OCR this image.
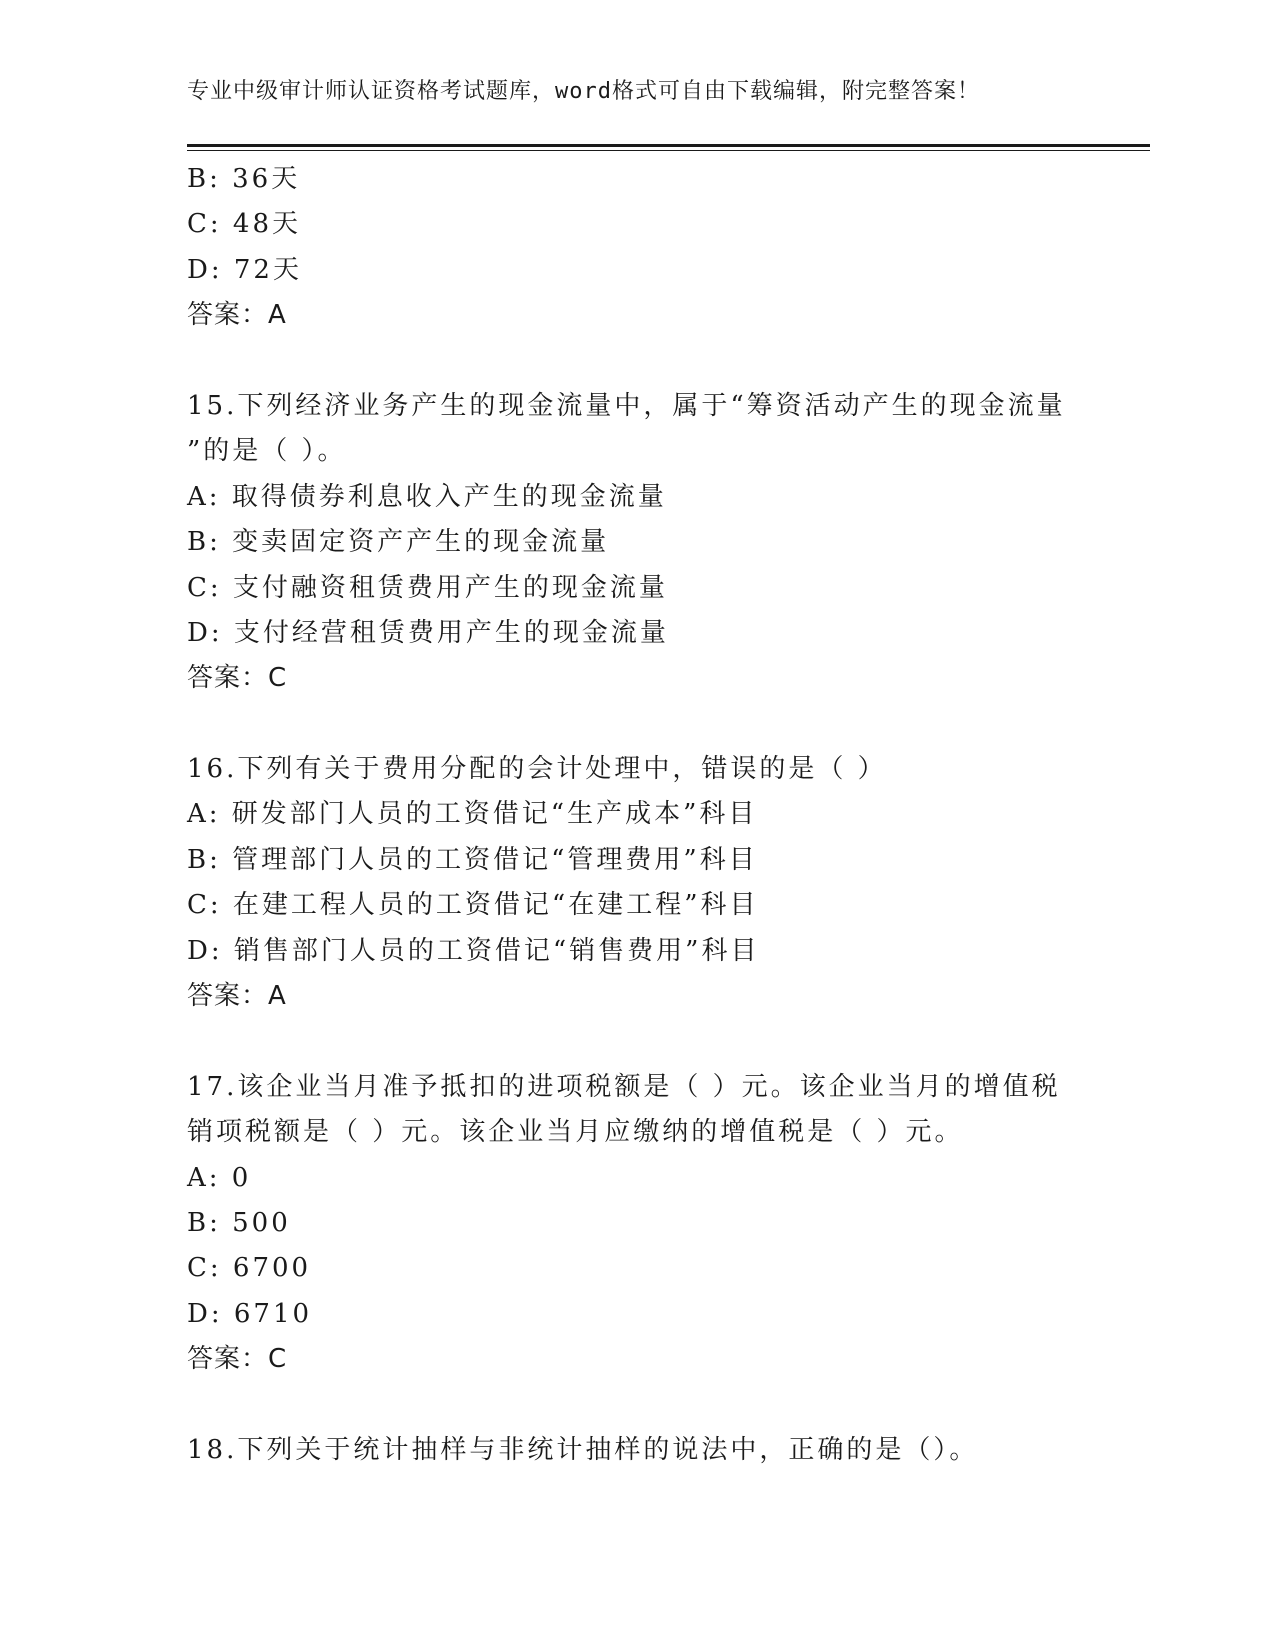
专业中级审计师认证资格考试题库，word格式可自由下载编辑，附完整答案！
B: 36天
C: 48天
D: 72天
答案：A
15.下列经济业务产生的现金流量中，属于“筹资活动产生的现金流量
”的是（ ）。
A: 取得债券利息收入产生的现金流量
B: 变卖固定资产产生的现金流量
C: 支付融资租赁费用产生的现金流量
D: 支付经营租赁费用产生的现金流量
答案：C
16.下列有关于费用分配的会计处理中，错误的是（ ）
A: 研发部门人员的工资借记“生产成本”科目
B: 管理部门人员的工资借记“管理费用”科目
C: 在建工程人员的工资借记“在建工程”科目
D: 销售部门人员的工资借记“销售费用”科目
答案：A
17.该企业当月准予抵扣的进项税额是（ ）元。该企业当月的增值税
销项税额是（ ）元。该企业当月应缴纳的增值税是（ ）元。
A: 0
B: 500
C: 6700
D: 6710
答案：C
18.下列关于统计抽样与非统计抽样的说法中，正确的是（）。
